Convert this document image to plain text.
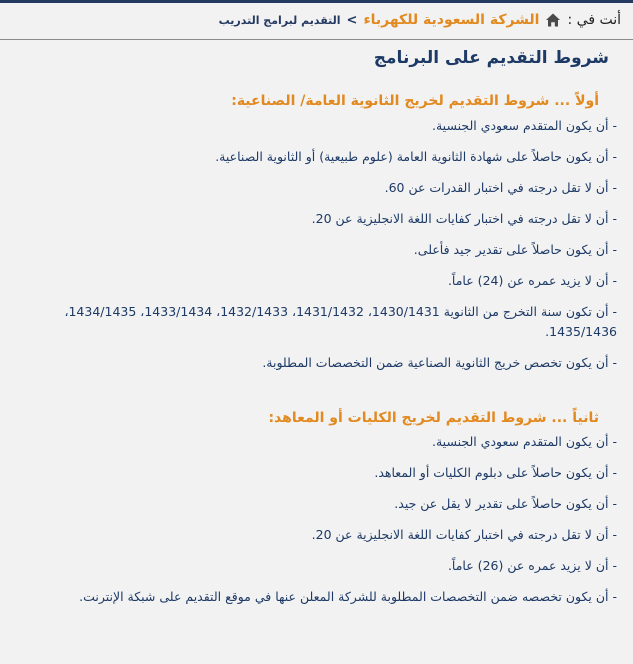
أنت في :
الشركة السعودية للكهرباء
>
التقديم لبرامج التدريب
شروط التقديم على البرنامج
أولاً ... شروط التقديم لخريج الثانوية العامة/ الصناعية:
- أن يكون المتقدم سعودي الجنسية.
- أن يكون حاصلاً على شهادة الثانوية العامة (علوم طبيعية) أو الثانوية الصناعية.
- أن لا تقل درجته في اختبار القدرات عن 60.
- أن لا تقل درجته في اختبار كفايات اللغة الانجليزية عن 20.
- أن يكون حاصلاً على تقدير جيد فأعلى.
- أن لا يزيد عمره عن (24) عاماً.
- أن تكون سنة التخرج من الثانوية 1430/1431، 1431/1432، 1432/1433، 1433/1434، 1434/1435، 1435/1436.
- أن يكون تخصص خريج الثانوية الصناعية ضمن التخصصات المطلوبة.
ثانياً ... شروط التقديم لخريج الكليات أو المعاهد:
- أن يكون المتقدم سعودي الجنسية.
- أن يكون حاصلاً على دبلوم الكليات أو المعاهد.
- أن يكون حاصلاً على تقدير لا يقل عن جيد.
- أن لا تقل درجته في اختبار كفايات اللغة الانجليزية عن 20.
- أن لا يزيد عمره عن (26) عاماً.
- أن يكون تخصصه ضمن التخصصات المطلوبة للشركة المعلن عنها في موقع التقديم على شبكة الإنترنت.
